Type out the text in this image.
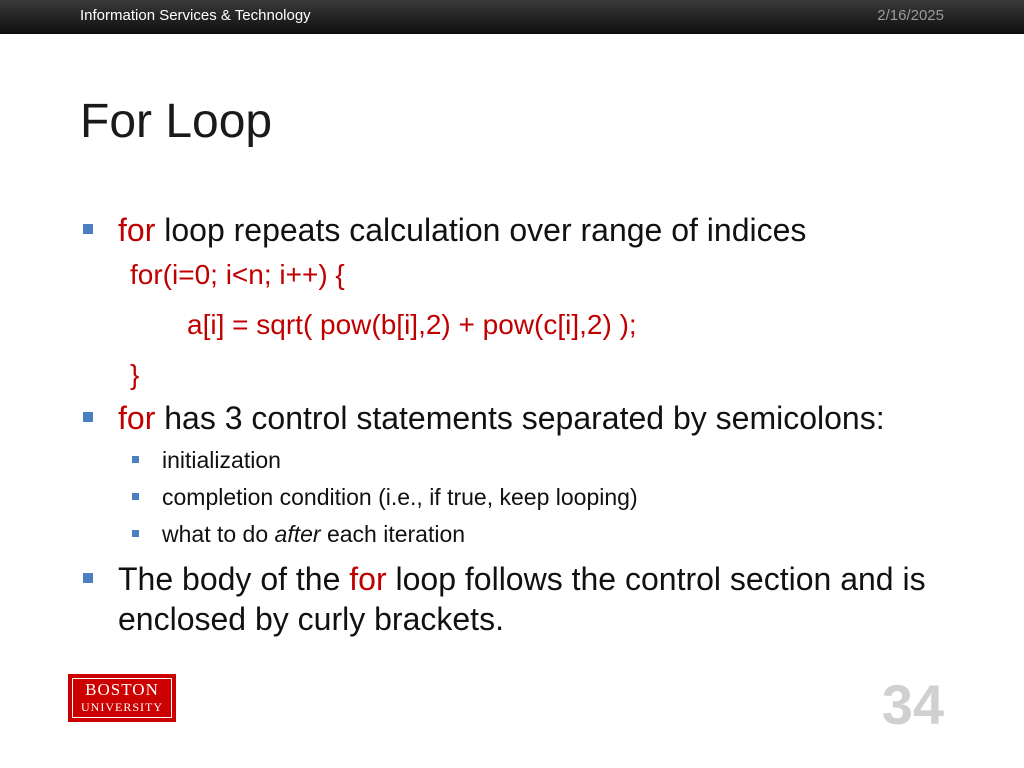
Information Services & Technology	2/16/2025
For Loop
for loop repeats calculation over range of indices
for(i=0; i<n; i++) {
a[i] = sqrt( pow(b[i],2) + pow(c[i],2) );
}
for has 3 control statements separated by semicolons:
initialization
completion condition (i.e., if true, keep looping)
what to do after each iteration
The body of the for loop follows the control section and is enclosed by curly brackets.
BOSTON
UNIVERSITY	34
